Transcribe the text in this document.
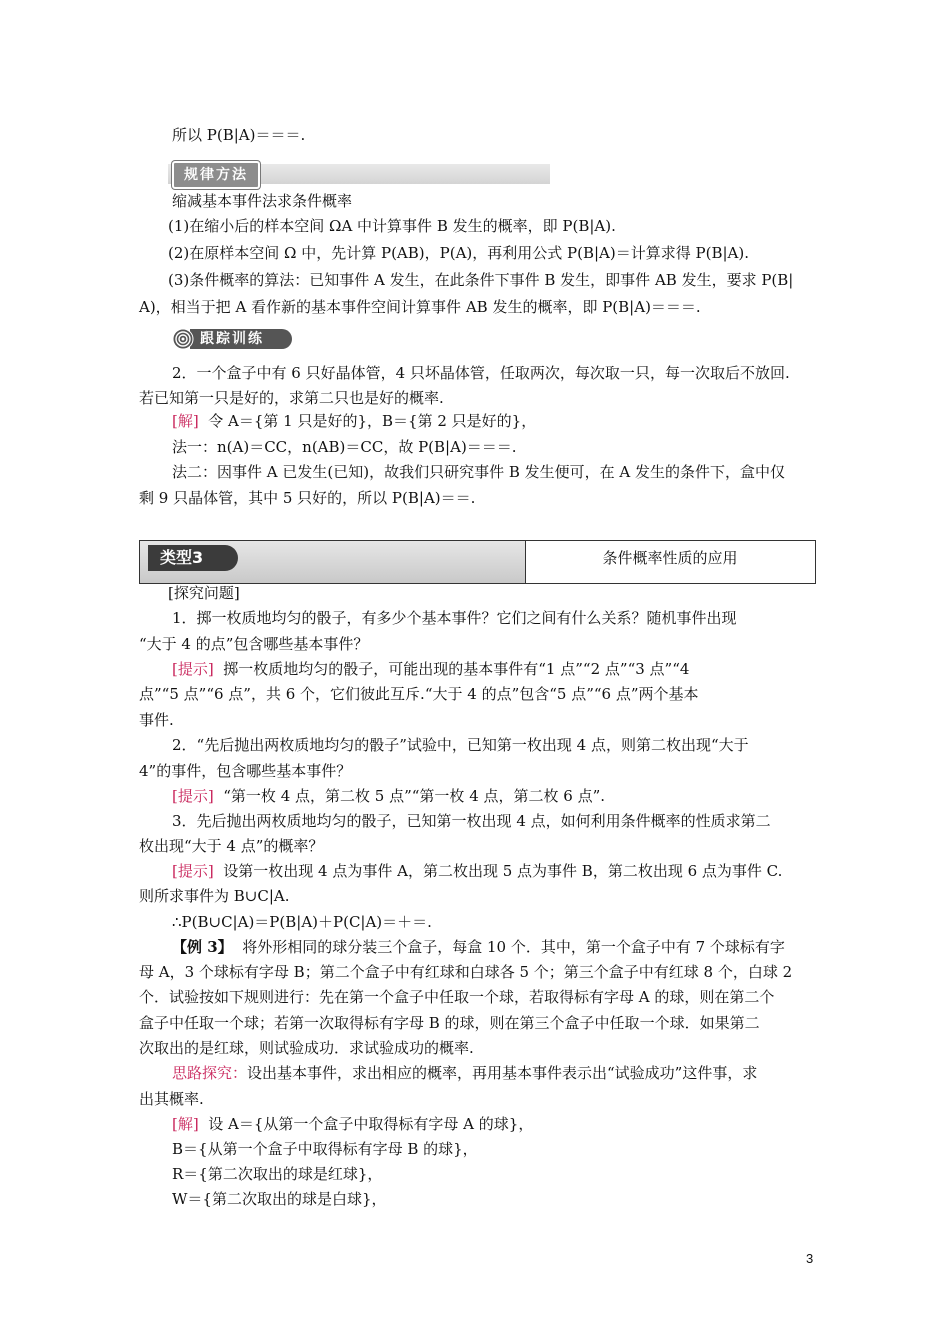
所以 P(B|A)＝＝＝.
规律方法
缩减基本事件法求条件概率
(1)在缩小后的样本空间 ΩA 中计算事件 B 发生的概率，即 P(B|A).
(2)在原样本空间 Ω 中，先计算 P(AB)，P(A)，再利用公式 P(B|A)＝计算求得 P(B|A).
(3)条件概率的算法：已知事件 A 发生，在此条件下事件 B 发生，即事件 AB 发生，要求 P(B|
A)，相当于把 A 看作新的基本事件空间计算事件 AB 发生的概率，即 P(B|A)＝＝＝.
跟踪训练
2．一个盒子中有 6 只好晶体管，4 只坏晶体管，任取两次，每次取一只，每一次取后不放回.
若已知第一只是好的，求第二只也是好的概率.
[解] 令 A＝{第 1 只是好的}，B＝{第 2 只是好的}，
法一：n(A)＝CC，n(AB)＝CC，故 P(B|A)＝＝＝.
法二：因事件 A 已发生(已知)，故我们只研究事件 B 发生便可，在 A 发生的条件下，盒中仅
剩 9 只晶体管，其中 5 只好的，所以 P(B|A)＝＝.
类型3	条件概率性质的应用
[探究问题]
1．掷一枚质地均匀的骰子，有多少个基本事件？它们之间有什么关系？随机事件出现
“大于 4 的点”包含哪些基本事件？
[提示] 掷一枚质地均匀的骰子，可能出现的基本事件有“1 点”“2 点”“3 点”“4
点”“5 点”“6 点”，共 6 个，它们彼此互斥.“大于 4 的点”包含“5 点”“6 点”两个基本
事件.
2．“先后抛出两枚质地均匀的骰子”试验中，已知第一枚出现 4 点，则第二枚出现“大于
4”的事件，包含哪些基本事件？
[提示] “第一枚 4 点，第二枚 5 点”“第一枚 4 点，第二枚 6 点”.
3．先后抛出两枚质地均匀的骰子，已知第一枚出现 4 点，如何利用条件概率的性质求第二
枚出现“大于 4 点”的概率？
[提示] 设第一枚出现 4 点为事件 A，第二枚出现 5 点为事件 B，第二枚出现 6 点为事件 C.
则所求事件为 B∪C|A.
∴P(B∪C|A)＝P(B|A)＋P(C|A)＝＋＝.
【例 3】 将外形相同的球分装三个盒子，每盒 10 个．其中，第一个盒子中有 7 个球标有字
母 A，3 个球标有字母 B；第二个盒子中有红球和白球各 5 个；第三个盒子中有红球 8 个，白球 2
个．试验按如下规则进行：先在第一个盒子中任取一个球，若取得标有字母 A 的球，则在第二个
盒子中任取一个球；若第一次取得标有字母 B 的球，则在第三个盒子中任取一个球．如果第二
次取出的是红球，则试验成功．求试验成功的概率.
思路探究：设出基本事件，求出相应的概率，再用基本事件表示出“试验成功”这件事，求
出其概率.
[解] 设 A＝{从第一个盒子中取得标有字母 A 的球}，
B＝{从第一个盒子中取得标有字母 B 的球}，
R＝{第二次取出的球是红球}，
W＝{第二次取出的球是白球}，
3
